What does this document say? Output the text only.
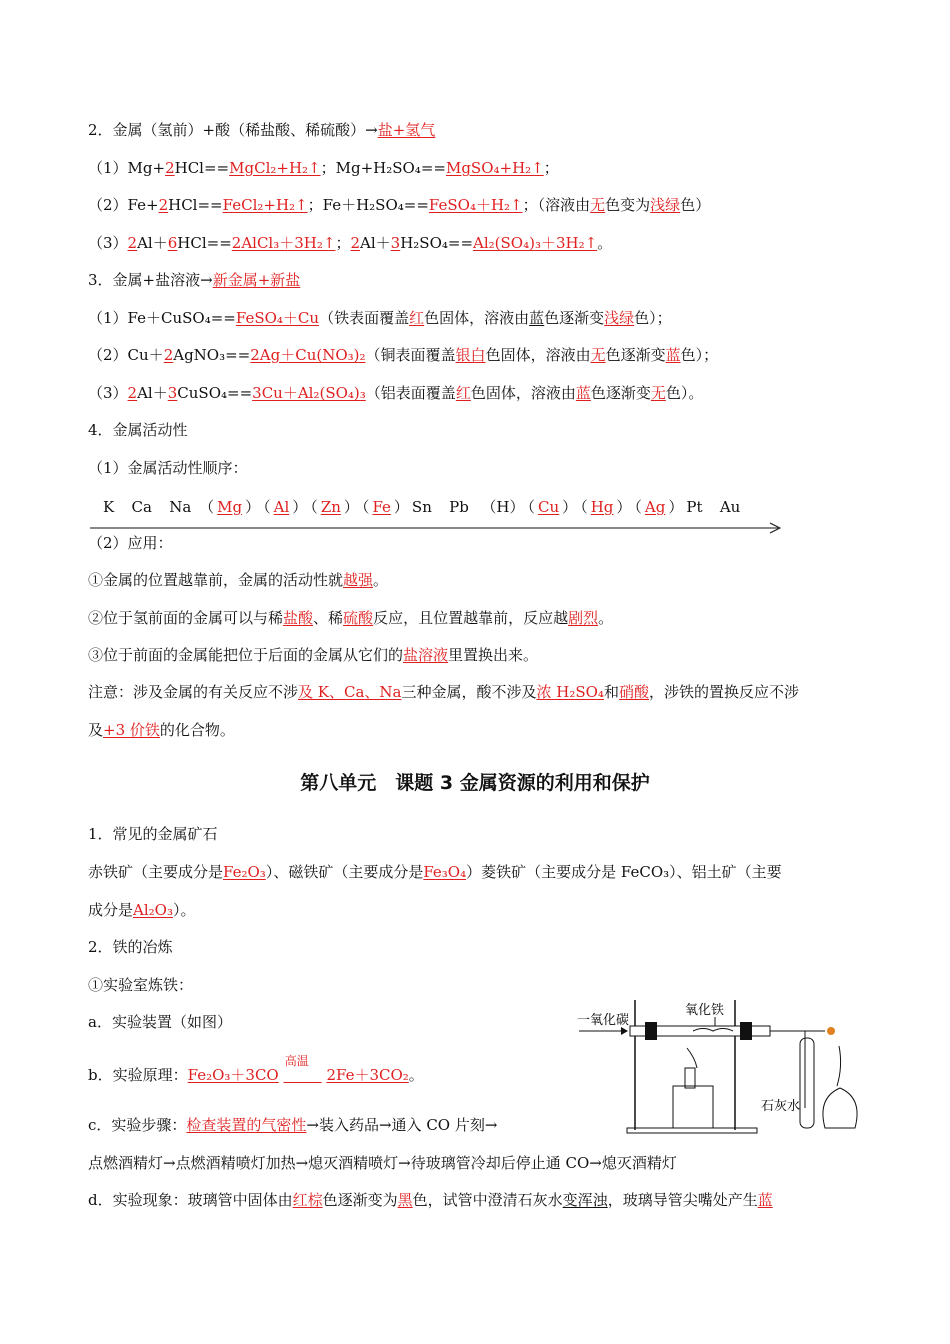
2．金属（氢前）+酸（稀盐酸、稀硫酸）→盐+氢气
（1）Mg+2HCl==MgCl₂+H₂↑；Mg+H₂SO₄==MgSO₄+H₂↑；
（2）Fe+2HCl==FeCl₂+H₂↑；Fe＋H₂SO₄==FeSO₄＋H₂↑；（溶液由无色变为浅绿色）
（3）2Al＋6HCl==2AlCl₃＋3H₂↑；2Al＋3H₂SO₄==Al₂(SO₄)₃＋3H₂↑。
3．金属+盐溶液→新金属+新盐
（1）Fe＋CuSO₄==FeSO₄＋Cu（铁表面覆盖红色固体，溶液由蓝色逐渐变浅绿色）；
（2）Cu＋2AgNO₃==2Ag＋Cu(NO₃)₂（铜表面覆盖银白色固体，溶液由无色逐渐变蓝色）；
（3）2Al＋3CuSO₄==3Cu＋Al₂(SO₄)₃（铝表面覆盖红色固体，溶液由蓝色逐渐变无色）。
4．金属活动性
（1）金属活动性顺序：
K Ca Na （ Mg ） （ Al ） （ Zn ） （ Fe ） Sn Pb （H） （ Cu ） （ Hg ） （ Ag ） Pt Au
（2）应用：
①金属的位置越靠前，金属的活动性就越强。
②位于氢前面的金属可以与稀盐酸、稀硫酸反应，且位置越靠前，反应越剧烈。
③位于前面的金属能把位于后面的金属从它们的盐溶液里置换出来。
注意：涉及金属的有关反应不涉及 K、Ca、Na三种金属，酸不涉及浓 H₂SO₄和硝酸，涉铁的置换反应不涉
及+3 价铁的化合物。
第八单元　课题 3 金属资源的利用和保护
1．常见的金属矿石
赤铁矿（主要成分是Fe₂O₃）、磁铁矿（主要成分是Fe₃O₄）菱铁矿（主要成分是 FeCO₃）、铝土矿（主要
成分是Al₂O₃）。
2．铁的冶炼
①实验室炼铁：
a．实验装置（如图）
b．实验原理：Fe₂O₃＋3CO
高温
2Fe＋3CO₂。
c．实验步骤：检查装置的气密性→装入药品→通入 CO 片刻→
点燃酒精灯→点燃酒精喷灯加热→熄灭酒精喷灯→待玻璃管冷却后停止通 CO→熄灭酒精灯
d．实验现象：玻璃管中固体由红棕色逐渐变为黑色，试管中澄清石灰水变浑浊，玻璃导管尖嘴处产生蓝
一氧化碳
氧化铁
石灰水
